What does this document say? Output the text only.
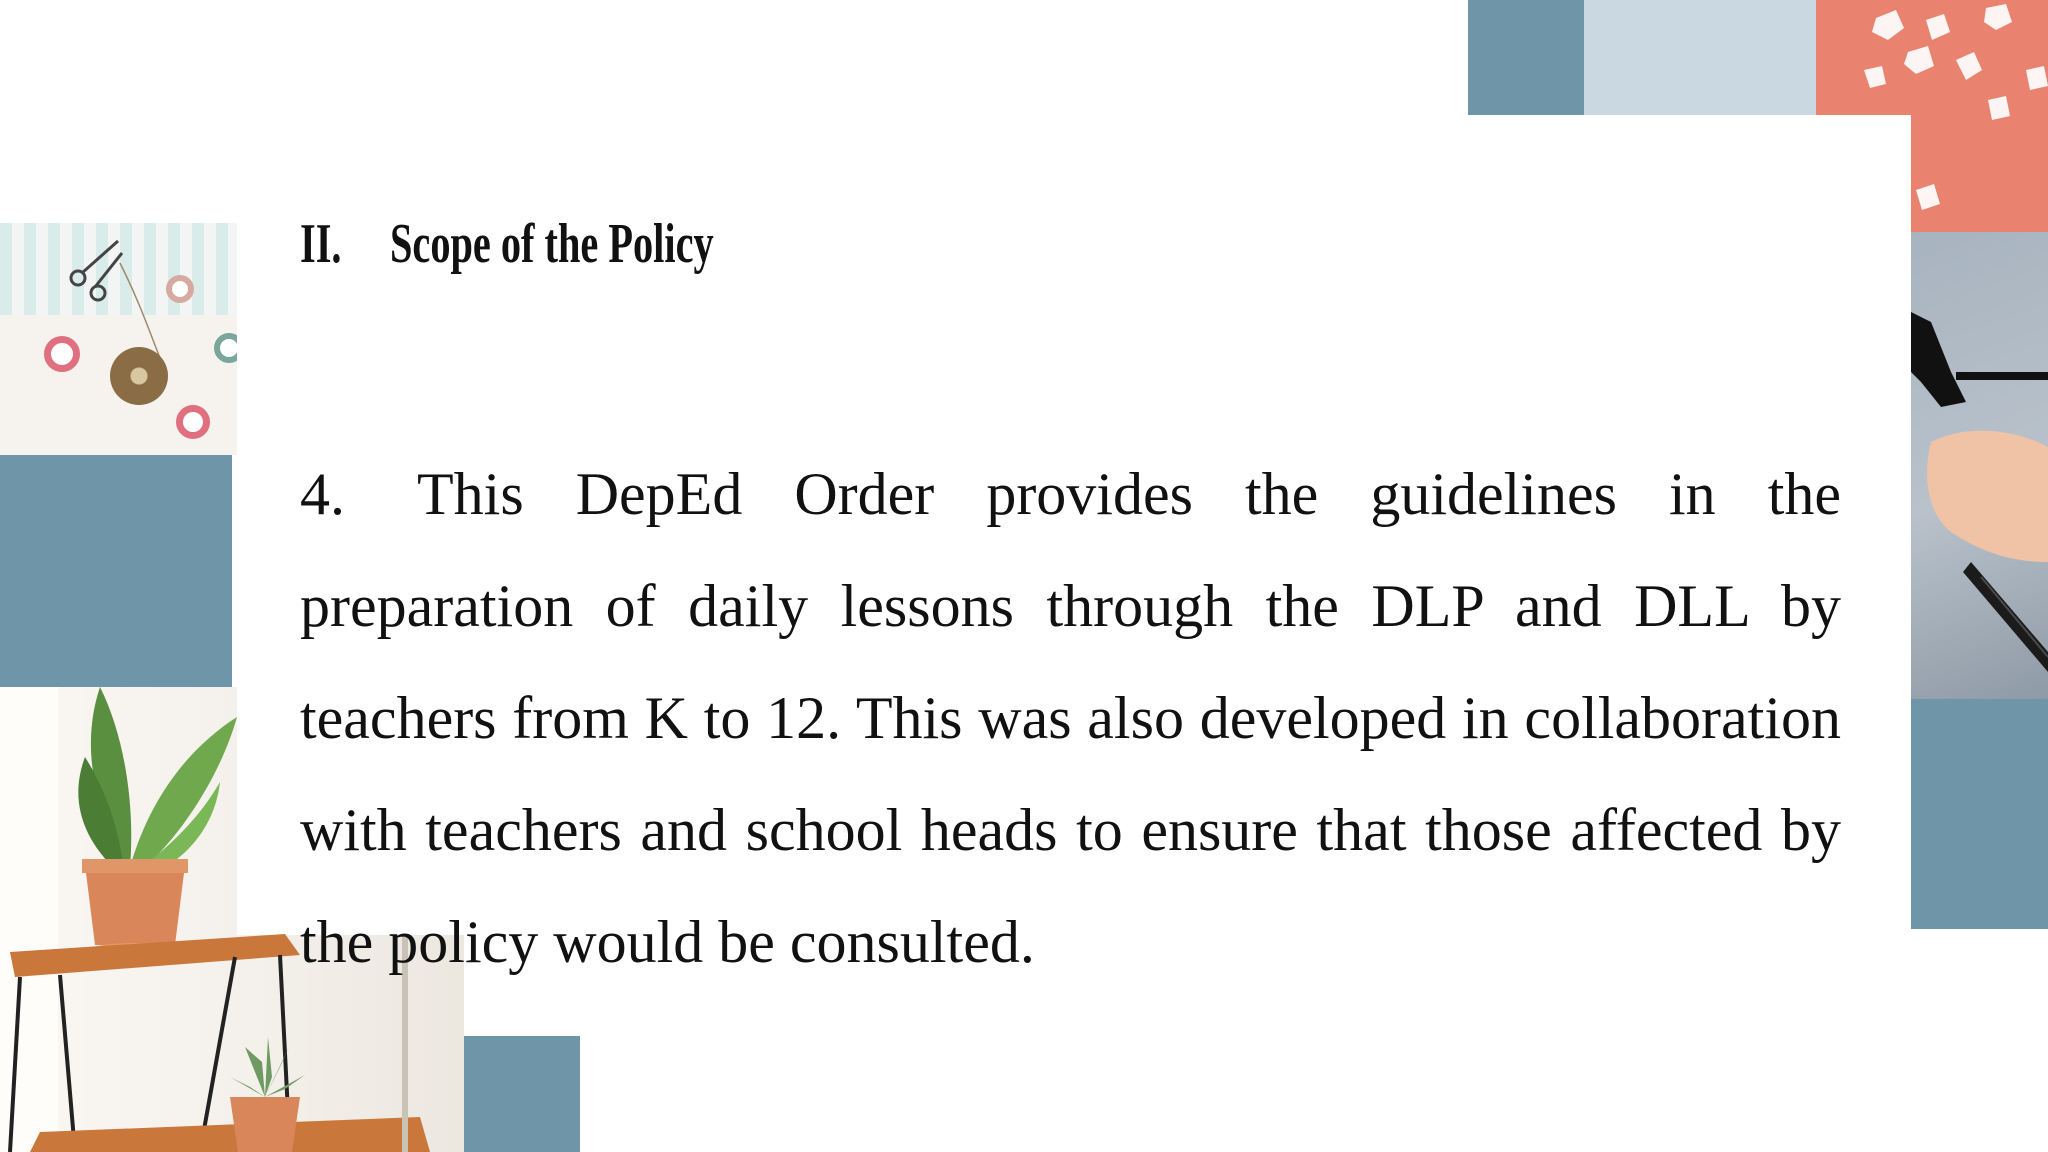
II. Scope of the Policy

4. This DepEd Order provides the guidelines in the preparation of daily lessons through the DLP and DLL by teachers from K to 12. This was also developed in collaboration with teachers and school heads to ensure that those affected by the policy would be consulted.
